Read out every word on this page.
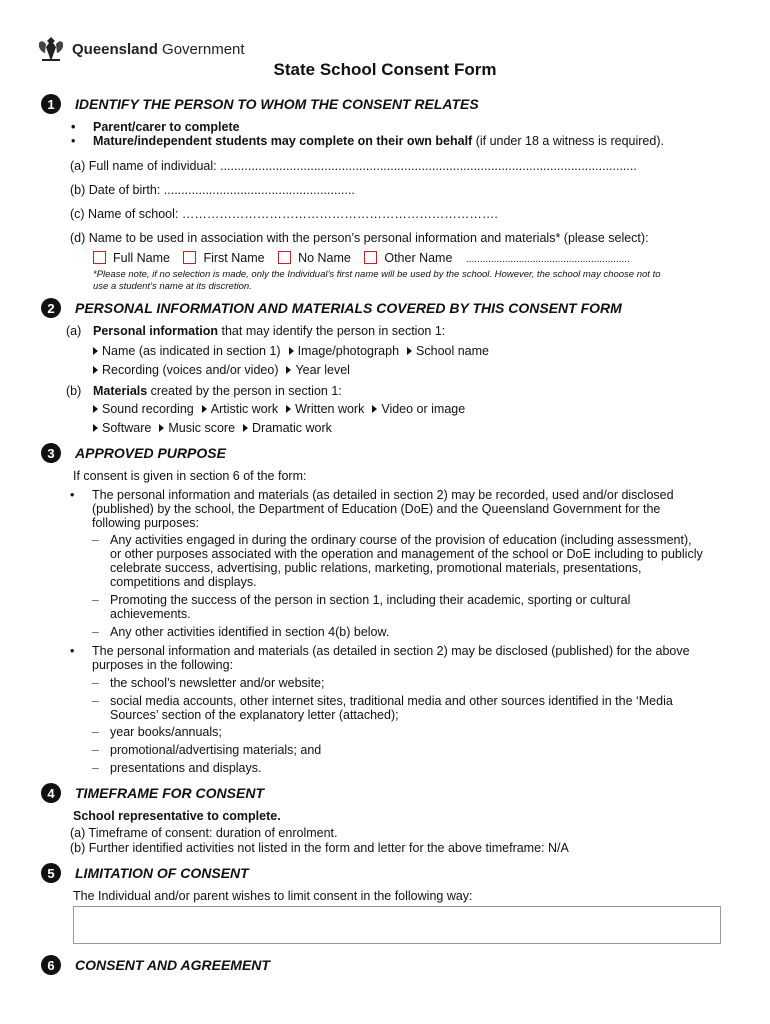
Queensland Government
State School Consent Form
1	IDENTIFY THE PERSON TO WHOM THE CONSENT RELATES
• Parent/carer to complete
• Mature/independent students may complete on their own behalf (if under 18 a witness is required).
(a) Full name of individual: ........................................................................................................................
(b) Date of birth: .......................................................
(c) Name of school: ………………………………………………………………….
(d) Name to be used in association with the person’s personal information and materials* (please select):
Full Name	First Name	No Name	Other Name ...........................................................
*Please note, if no selection is made, only the Individual’s first name will be used by the school. However, the school may choose not to
use a student’s name at its discretion.
2	PERSONAL INFORMATION AND MATERIALS COVERED BY THIS CONSENT FORM
(a) Personal information that may identify the person in section 1:
Name (as indicated in section 1) Image/photograph School name
Recording (voices and/or video) Year level
(b) Materials created by the person in section 1:
Sound recording Artistic work Written work Video or image
Software Music score Dramatic work
3	APPROVED PURPOSE
If consent is given in section 6 of the form:
• The personal information and materials (as detailed in section 2) may be recorded, used and/or disclosed
(published) by the school, the Department of Education (DoE) and the Queensland Government for the
following purposes:
– Any activities engaged in during the ordinary course of the provision of education (including assessment),
or other purposes associated with the operation and management of the school or DoE including to publicly
celebrate success, advertising, public relations, marketing, promotional materials, presentations,
competitions and displays.
– Promoting the success of the person in section 1, including their academic, sporting or cultural
achievements.
– Any other activities identified in section 4(b) below.
• The personal information and materials (as detailed in section 2) may be disclosed (published) for the above
purposes in the following:
– the school’s newsletter and/or website;
– social media accounts, other internet sites, traditional media and other sources identified in the ‘Media
Sources’ section of the explanatory letter (attached);
– year books/annuals;
– promotional/advertising materials; and
– presentations and displays.
4	TIMEFRAME FOR CONSENT
School representative to complete.
(a) Timeframe of consent: duration of enrolment.
(b) Further identified activities not listed in the form and letter for the above timeframe: N/A
5	LIMITATION OF CONSENT
The Individual and/or parent wishes to limit consent in the following way:
6	CONSENT AND AGREEMENT
